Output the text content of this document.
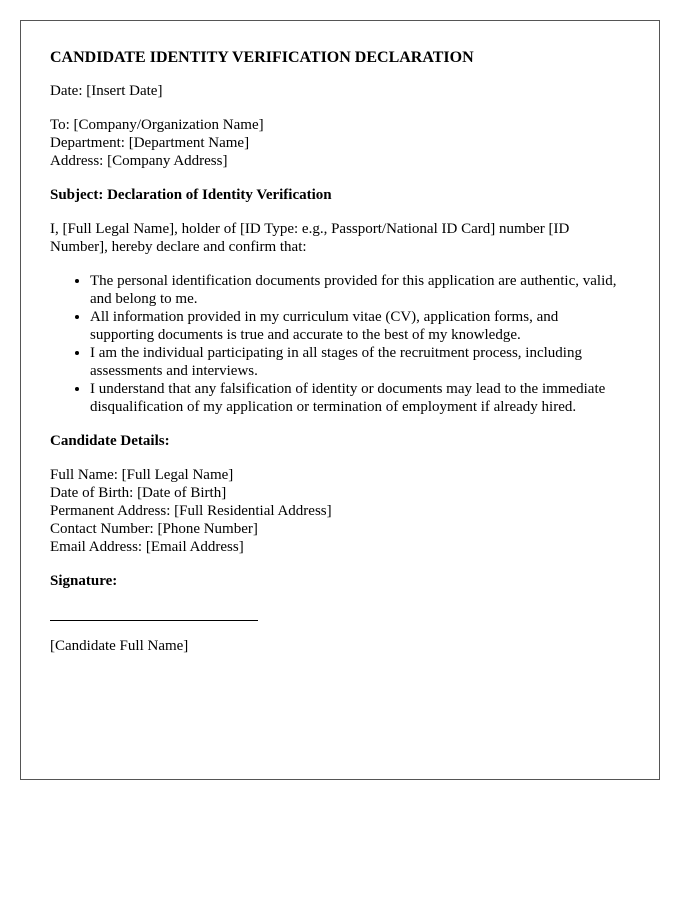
CANDIDATE IDENTITY VERIFICATION DECLARATION

Date: [Insert Date]

To: [Company/Organization Name]
Department: [Department Name]
Address: [Company Address]

Subject: Declaration of Identity Verification

I, [Full Legal Name], holder of [ID Type: e.g., Passport/National ID Card] number [ID Number], hereby declare and confirm that:

• The personal identification documents provided for this application are authentic, valid, and belong to me.
• All information provided in my curriculum vitae (CV), application forms, and supporting documents is true and accurate to the best of my knowledge.
• I am the individual participating in all stages of the recruitment process, including assessments and interviews.
• I understand that any falsification of identity or documents may lead to the immediate disqualification of my application or termination of employment if already hired.

Candidate Details:

Full Name: [Full Legal Name]
Date of Birth: [Date of Birth]
Permanent Address: [Full Residential Address]
Contact Number: [Phone Number]
Email Address: [Email Address]

Signature:

[Candidate Full Name]
